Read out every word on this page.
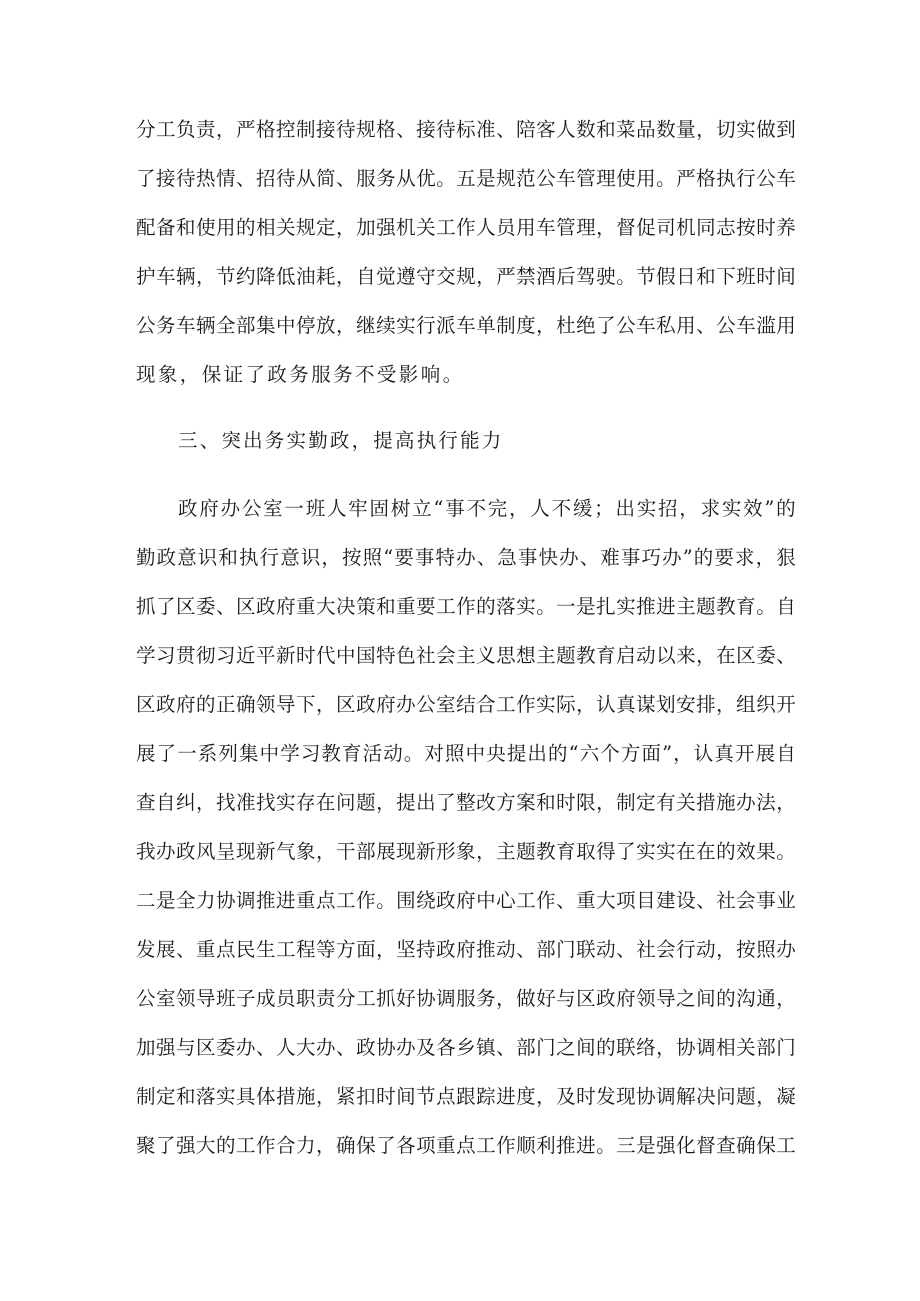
分工负责，严格控制接待规格、接待标准、陪客人数和菜品数量，切实做到
了接待热情、招待从简、服务从优。五是规范公车管理使用。严格执行公车
配备和使用的相关规定，加强机关工作人员用车管理，督促司机同志按时养
护车辆，节约降低油耗，自觉遵守交规，严禁酒后驾驶。节假日和下班时间
公务车辆全部集中停放，继续实行派车单制度，杜绝了公车私用、公车滥用
现象，保证了政务服务不受影响。
三、突出务实勤政，提高执行能力
政府办公室一班人牢固树立“事不完，人不缓；出实招，求实效”的
勤政意识和执行意识，按照“要事特办、急事快办、难事巧办”的要求，狠
抓了区委、区政府重大决策和重要工作的落实。一是扎实推进主题教育。自
学习贯彻习近平新时代中国特色社会主义思想主题教育启动以来，在区委、
区政府的正确领导下，区政府办公室结合工作实际，认真谋划安排，组织开
展了一系列集中学习教育活动。对照中央提出的“六个方面”，认真开展自
查自纠，找准找实存在问题，提出了整改方案和时限，制定有关措施办法，
我办政风呈现新气象，干部展现新形象，主题教育取得了实实在在的效果。
二是全力协调推进重点工作。围绕政府中心工作、重大项目建设、社会事业
发展、重点民生工程等方面，坚持政府推动、部门联动、社会行动，按照办
公室领导班子成员职责分工抓好协调服务，做好与区政府领导之间的沟通，
加强与区委办、人大办、政协办及各乡镇、部门之间的联络，协调相关部门
制定和落实具体措施，紧扣时间节点跟踪进度，及时发现协调解决问题，凝
聚了强大的工作合力，确保了各项重点工作顺利推进。三是强化督查确保工
